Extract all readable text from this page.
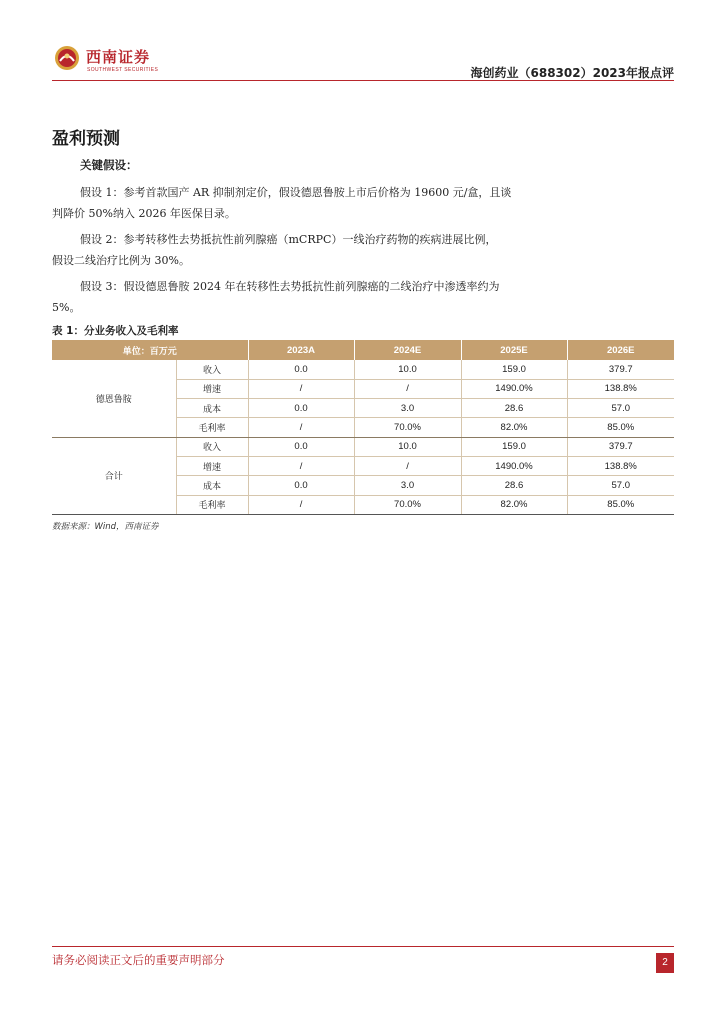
西南证券
SOUTHWEST SECURITIES	海创药业（688302）2023年报点评
盈利预测
关键假设：
假设 1：参考首款国产 AR 抑制剂定价，假设德恩鲁胺上市后价格为 19600 元/盒，且谈
判降价 50%纳入 2026 年医保目录。
假设 2：参考转移性去势抵抗性前列腺癌（mCRPC）一线治疗药物的疾病进展比例，
假设二线治疗比例为 30%。
假设 3：假设德恩鲁胺 2024 年在转移性去势抵抗性前列腺癌的二线治疗中渗透率约为
5%。
表 1：分业务收入及毛利率
单位：百万元		2023A	2024E	2025E	2026E
德恩鲁胺	收入	0.0	10.0	159.0	379.7
	增速	/	/	1490.0%	138.8%
	成本	0.0	3.0	28.6	57.0
	毛利率	/	70.0%	82.0%	85.0%
合计	收入	0.0	10.0	159.0	379.7
	增速	/	/	1490.0%	138.8%
	成本	0.0	3.0	28.6	57.0
	毛利率	/	70.0%	82.0%	85.0%
数据来源：Wind，西南证券
请务必阅读正文后的重要声明部分	2
